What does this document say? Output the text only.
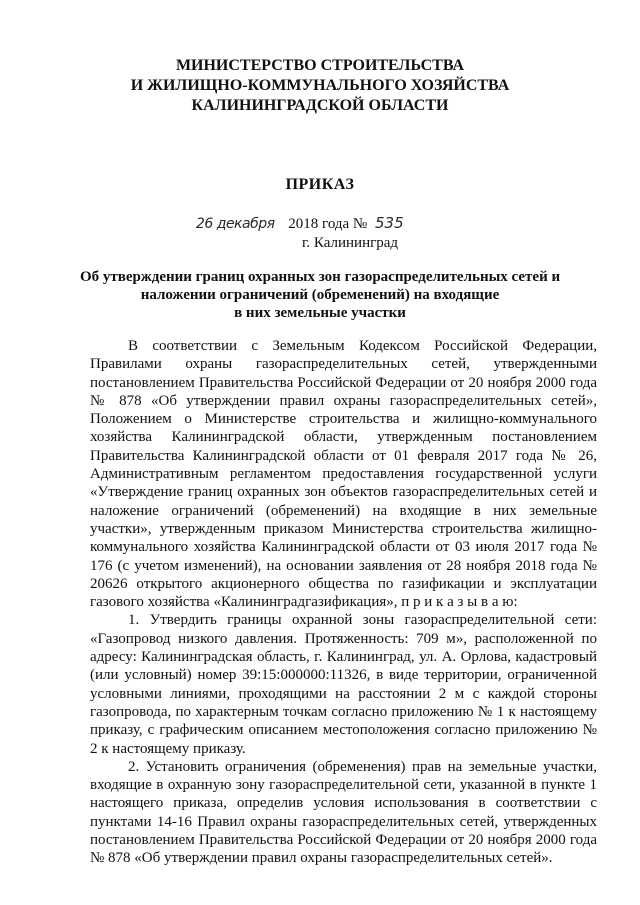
МИНИСТЕРСТВО СТРОИТЕЛЬСТВА
И ЖИЛИЩНО-КОММУНАЛЬНОГО ХОЗЯЙСТВА
КАЛИНИНГРАДСКОЙ ОБЛАСТИ
ПРИКАЗ
26 декабря 2018 года № 535
г. Калининград
Об утверждении границ охранных зон газораспределительных сетей и
наложении ограничений (обременений) на входящие
в них земельные участки

В соответствии с Земельным Кодексом Российской Федерации, Правилами охраны газораспределительных сетей, утвержденными постановлением Правительства Российской Федерации от 20 ноября 2000 года № 878 «Об утверждении правил охраны газораспределительных сетей», Положением о Министерстве строительства и жилищно-коммунального хозяйства Калининградской области, утвержденным постановлением Правительства Калининградской области от 01 февраля 2017 года № 26, Административным регламентом предоставления государственной услуги «Утверждение границ охранных зон объектов газораспределительных сетей и наложение ограничений (обременений) на входящие в них земельные участки», утвержденным приказом Министерства строительства жилищно-коммунального хозяйства Калининградской области от 03 июля 2017 года № 176 (с учетом изменений), на основании заявления от 28 ноября 2018 года № 20626 открытого акционерного общества по газификации и эксплуатации газового хозяйства «Калининградгазификация», п р и к а з ы в а ю:

1. Утвердить границы охранной зоны газораспределительной сети: «Газопровод низкого давления. Протяженность: 709 м», расположенной по адресу: Калининградская область, г. Калининград, ул. А. Орлова, кадастровый (или условный) номер 39:15:000000:11326, в виде территории, ограниченной условными линиями, проходящими на расстоянии 2 м с каждой стороны газопровода, по характерным точкам согласно приложению № 1 к настоящему приказу, с графическим описанием местоположения согласно приложению № 2 к настоящему приказу.

2. Установить ограничения (обременения) прав на земельные участки, входящие в охранную зону газораспределительной сети, указанной в пункте 1 настоящего приказа, определив условия использования в соответствии с пунктами 14-16 Правил охраны газораспределительных сетей, утвержденных постановлением Правительства Российской Федерации от 20 ноября 2000 года № 878 «Об утверждении правил охраны газораспределительных сетей».
